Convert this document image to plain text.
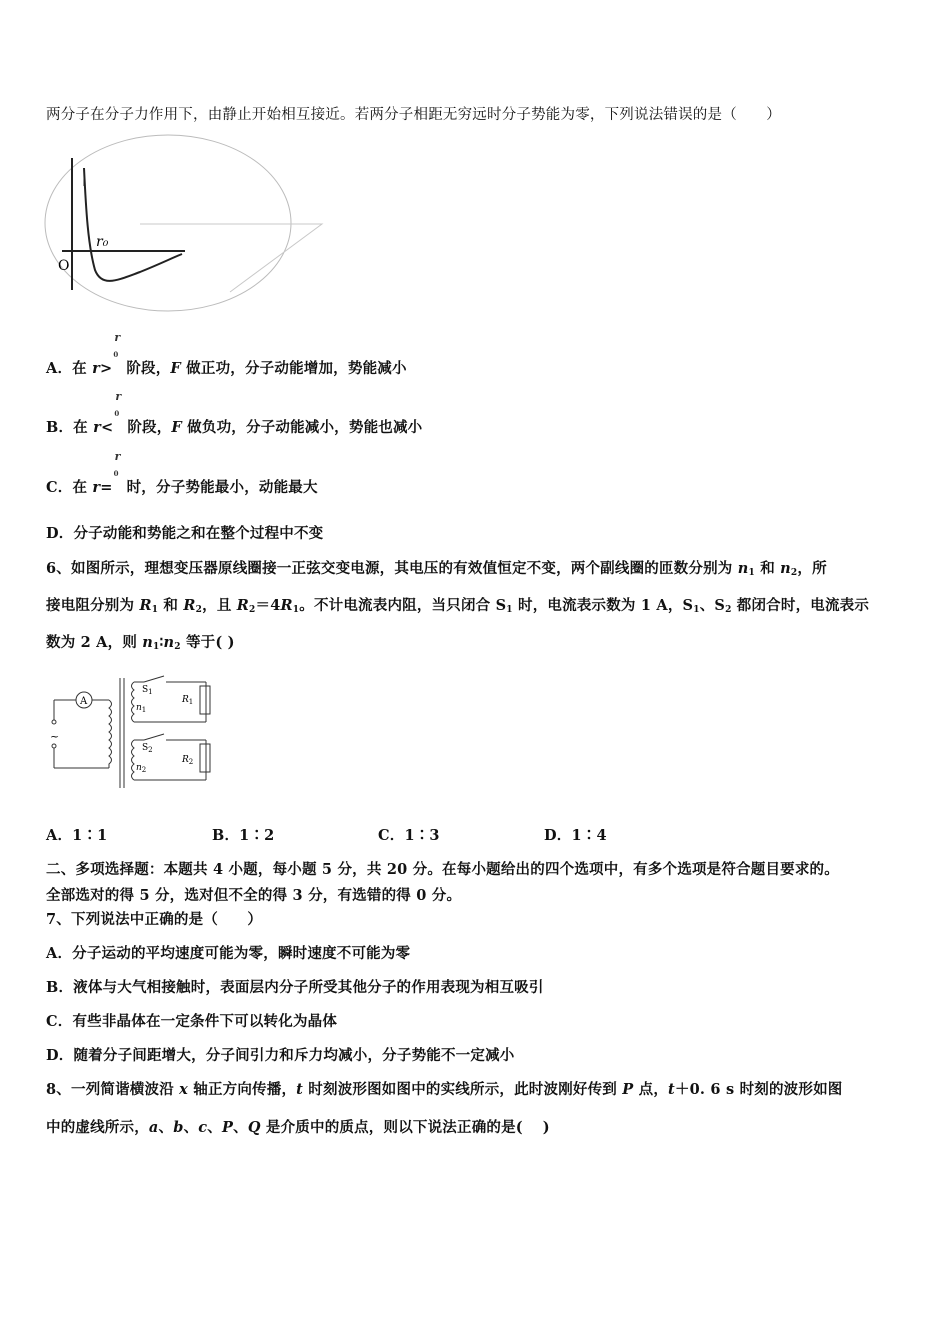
两分子在分子力作用下，由静止开始相互接近。若两分子相距无穷远时分子势能为零，下列说法错误的是（　　）
r₀
O
A．在 r>
r
$_0$
阶段，F 做正功，分子动能增加，势能减小
B．在 r<
r
$_0$
阶段，F 做负功，分子动能减小，势能也减小
C．在 r=
r
$_0$
时，分子势能最小，动能最大
D．分子动能和势能之和在整个过程中不变
6、如图所示，理想变压器原线圈接一正弦交变电源，其电压的有效值恒定不变，两个副线圈的匝数分别为 $n_1$ 和 $n_2$，所
接电阻分别为 $R_1$ 和 $R_2$，且 $R_2=4R_1$。不计电流表内阻，当只闭合 $S_1$ 时，电流表示数为 1 A，$S_1$、$S_2$ 都闭合时，电流表示
数为 2 A，则 $n_1∶n_2$ 等于( )
A
~
$S_1$
$n_1$
$R_1$
$S_2$
$n_2$
$R_2$
A．1∶1	B．1∶2	C．1∶3	D．1∶4
二、多项选择题：本题共 4 小题，每小题 5 分，共 20 分。在每小题给出的四个选项中，有多个选项是符合题目要求的。
全部选对的得 5 分，选对但不全的得 3 分，有选错的得 0 分。
7、下列说法中正确的是（　　）
A．分子运动的平均速度可能为零，瞬时速度不可能为零
B．液体与大气相接触时，表面层内分子所受其他分子的作用表现为相互吸引
C．有些非晶体在一定条件下可以转化为晶体
D．随着分子间距增大，分子间引力和斥力均减小，分子势能不一定减小
8、一列简谐横波沿 x 轴正方向传播，t 时刻波形图如图中的实线所示，此时波刚好传到 P 点，t＋0. 6 s 时刻的波形如图
中的虚线所示，a、b、c、P、Q 是介质中的质点，则以下说法正确的是(　 )
